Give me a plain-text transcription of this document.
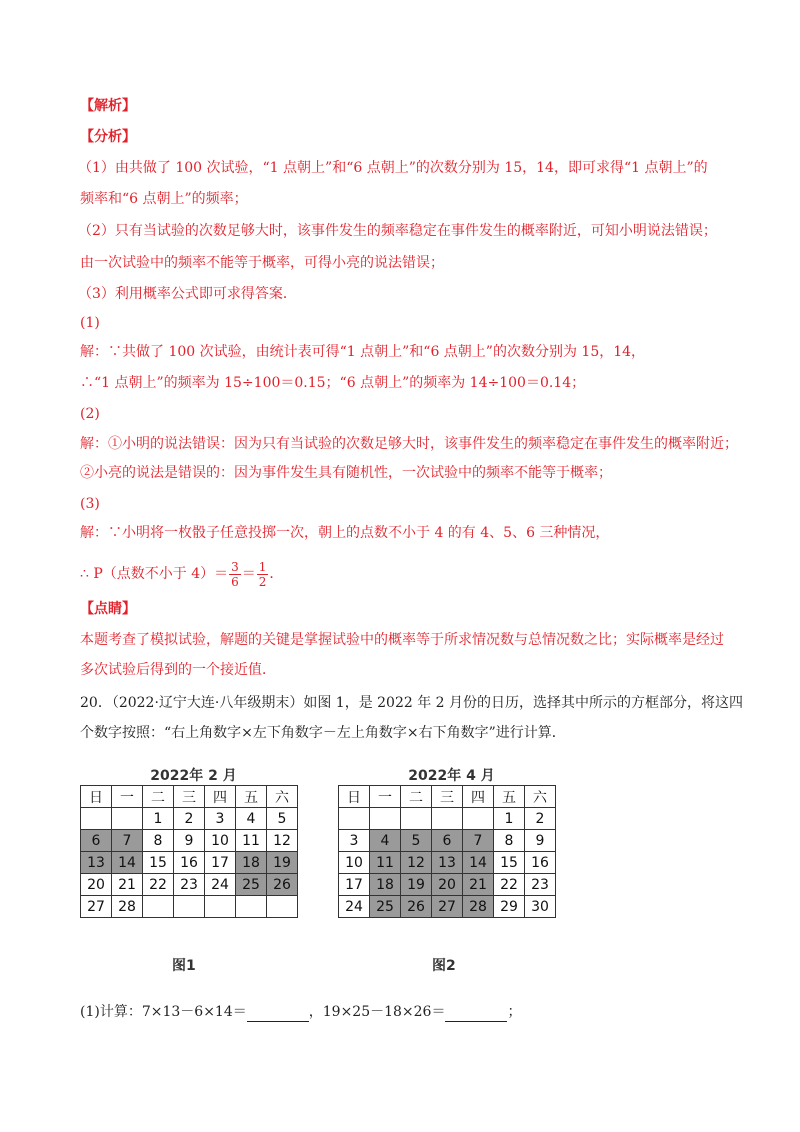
【解析】
【分析】
（1）由共做了 100 次试验，“1 点朝上”和“6 点朝上”的次数分别为 15，14，即可求得“1 点朝上”的
频率和“6 点朝上”的频率；
（2）只有当试验的次数足够大时，该事件发生的频率稳定在事件发生的概率附近，可知小明说法错误；
由一次试验中的频率不能等于概率，可得小亮的说法错误；
（3）利用概率公式即可求得答案．
(1)
解：∵共做了 100 次试验，由统计表可得“1 点朝上”和“6 点朝上”的次数分别为 15，14，
∴“1 点朝上”的频率为 15÷100＝0.15；“6 点朝上”的频率为 14÷100＝0.14；
(2)
解：①小明的说法错误：因为只有当试验的次数足够大时，该事件发生的频率稳定在事件发生的概率附近；
②小亮的说法是错误的：因为事件发生具有随机性，一次试验中的频率不能等于概率；
(3)
解：∵小明将一枚骰子任意投掷一次，朝上的点数不小于 4 的有 4、5、6 三种情况，
∴ P（点数不小于 $4)= \frac{3}{6} = \frac{1}{2}$ ．
【点睛】
本题考查了模拟试验，解题的关键是掌握试验中的概率等于所求情况数与总情况数之比；实际概率是经过
多次试验后得到的一个接近值．
20．（2022·辽宁大连·八年级期末）如图 1，是 2022 年 2 月份的日历，选择其中所示的方框部分，将这四
个数字按照：“右上角数字×左下角数字－左上角数字×右下角数字”进行计算．
2022年 2 月
日	一	二	三	四	五	六
		1	2	3	4	5
6	7	8	9	10	11	12
13	14	15	16	17	18	19
20	21	22	23	24	25	26
27	28					
图1
2022年 4 月
日	一	二	三	四	五	六
					1	2
3	4	5	6	7	8	9
10	11	12	13	14	15	16
17	18	19	20	21	22	23
24	25	26	27	28	29	30
图2
(1)计算：7×13－6×14＝	，19×25－18×26＝	；
